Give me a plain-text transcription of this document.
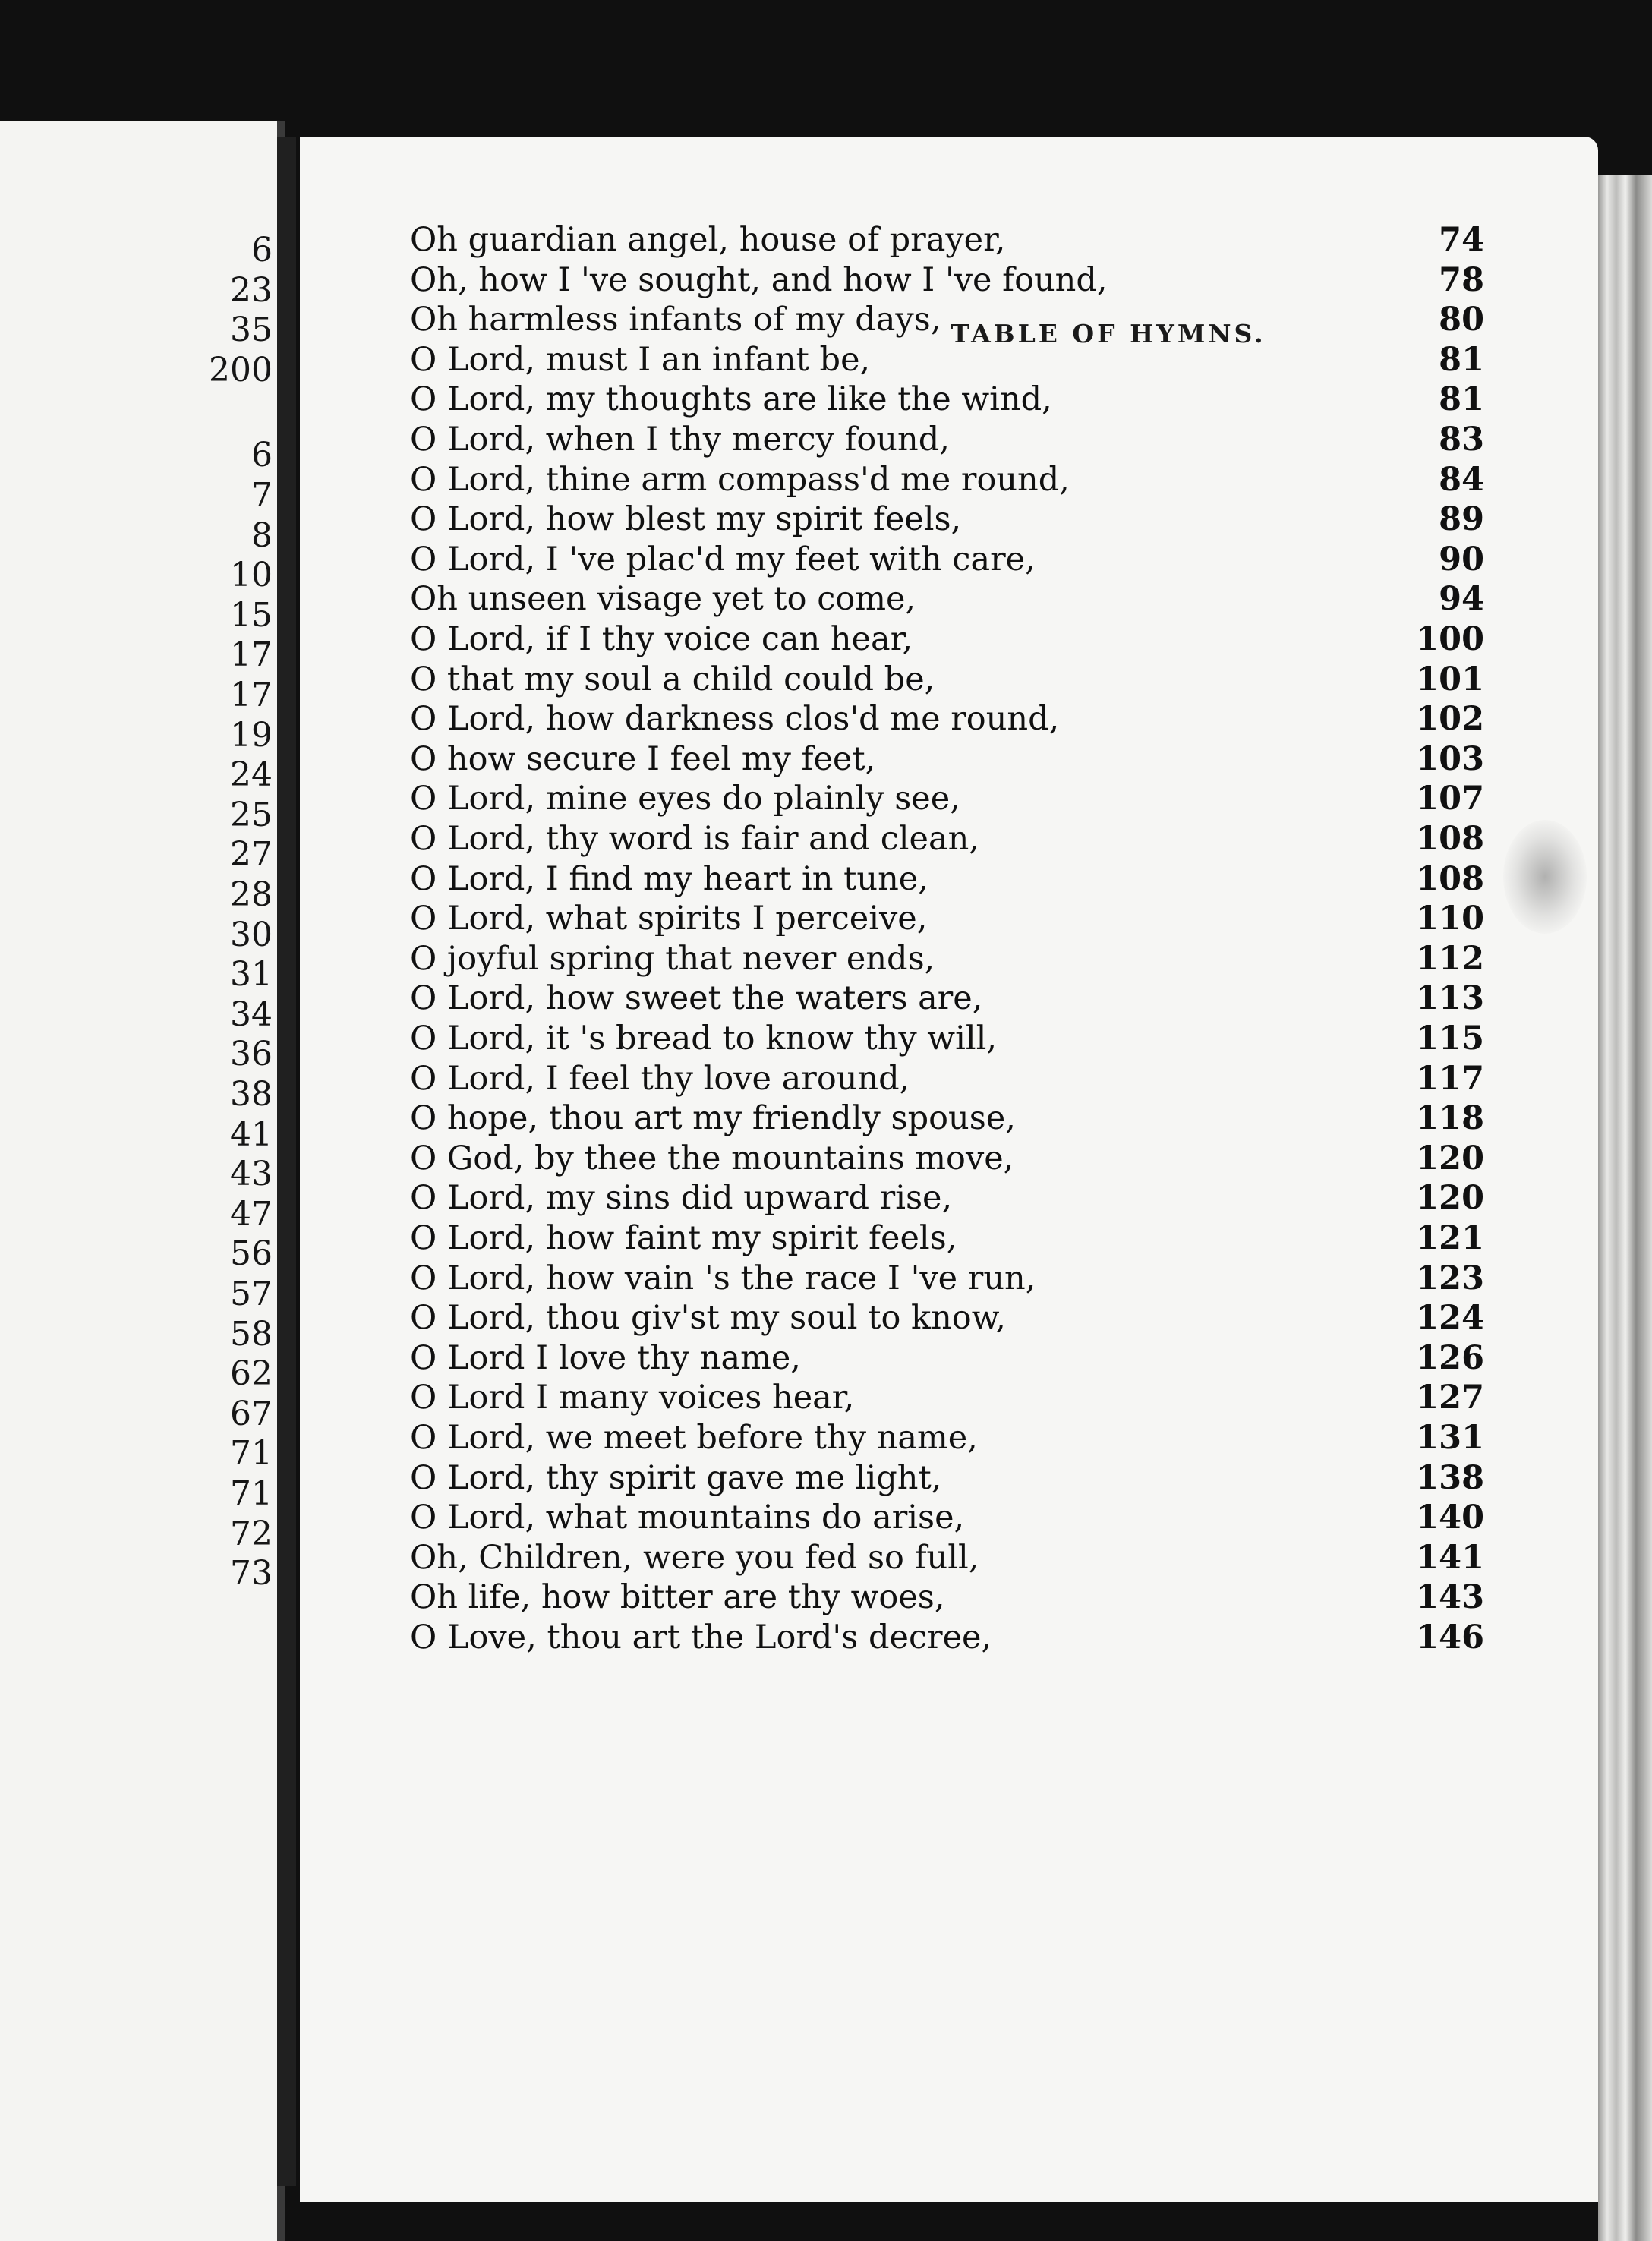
6
23
35
200
6
7
8
10
15
17
17
19
24
25
27
28
30
31
34
36
38
41
43
47
56
57
58
62
67
71
71
72
73
TABLE OF HYMNS.
Oh guardian angel, house of prayer,	74
Oh, how I 've sought, and how I 've found,	78
Oh harmless infants of my days,	80
O Lord, must I an infant be,	81
O Lord, my thoughts are like the wind,	81
O Lord, when I thy mercy found,	83
O Lord, thine arm compass'd me round,	84
O Lord, how blest my spirit feels,	89
O Lord, I 've plac'd my feet with care,	90
Oh unseen visage yet to come,	94
O Lord, if I thy voice can hear,	100
O that my soul a child could be,	101
O Lord, how darkness clos'd me round,	102
O how secure I feel my feet,	103
O Lord, mine eyes do plainly see,	107
O Lord, thy word is fair and clean,	108
O Lord, I find my heart in tune,	108
O Lord, what spirits I perceive,	110
O joyful spring that never ends,	112
O Lord, how sweet the waters are,	113
O Lord, it 's bread to know thy will,	115
O Lord, I feel thy love around,	117
O hope, thou art my friendly spouse,	118
O God, by thee the mountains move,	120
O Lord, my sins did upward rise,	120
O Lord, how faint my spirit feels,	121
O Lord, how vain 's the race I 've run,	123
O Lord, thou giv'st my soul to know,	124
O Lord I love thy name,	126
O Lord I many voices hear,	127
O Lord, we meet before thy name,	131
O Lord, thy spirit gave me light,	138
O Lord, what mountains do arise,	140
Oh, Children, were you fed so full,	141
Oh life, how bitter are thy woes,	143
O Love, thou art the Lord's decree,	146
